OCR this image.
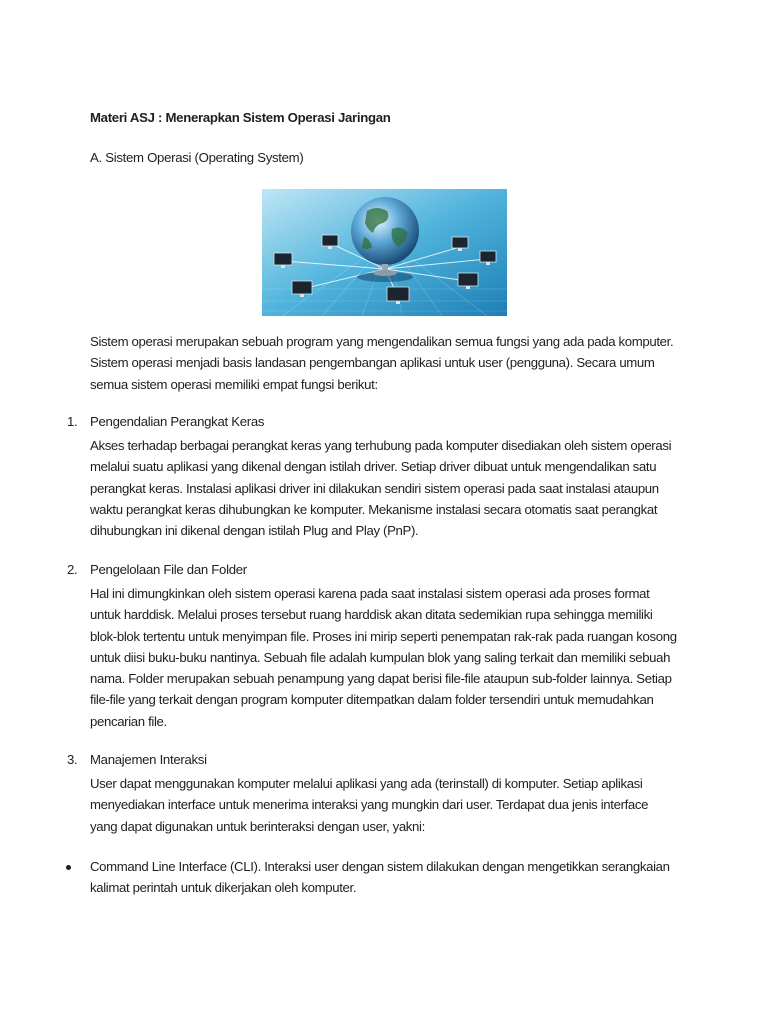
Materi ASJ : Menerapkan Sistem Operasi Jaringan
A. Sistem Operasi (Operating System)
Sistem operasi merupakan sebuah program yang mengendalikan semua fungsi yang ada pada komputer.
Sistem operasi menjadi basis landasan pengembangan aplikasi untuk user (pengguna). Secara umum
semua sistem operasi memiliki empat fungsi berikut:
1. Pengendalian Perangkat Keras
Akses terhadap berbagai perangkat keras yang terhubung pada komputer disediakan oleh sistem operasi
melalui suatu aplikasi yang dikenal dengan istilah driver. Setiap driver dibuat untuk mengendalikan satu
perangkat keras. Instalasi aplikasi driver ini dilakukan sendiri sistem operasi pada saat instalasi ataupun
waktu perangkat keras dihubungkan ke komputer. Mekanisme instalasi secara otomatis saat perangkat
dihubungkan ini dikenal dengan istilah Plug and Play (PnP).
2. Pengelolaan File dan Folder
Hal ini dimungkinkan oleh sistem operasi karena pada saat instalasi sistem operasi ada proses format
untuk harddisk. Melalui proses tersebut ruang harddisk akan ditata sedemikian rupa sehingga memiliki
blok-blok tertentu untuk menyimpan file. Proses ini mirip seperti penempatan rak-rak pada ruangan kosong
untuk diisi buku-buku nantinya. Sebuah file adalah kumpulan blok yang saling terkait dan memiliki sebuah
nama. Folder merupakan sebuah penampung yang dapat berisi file-file ataupun sub-folder lainnya. Setiap
file-file yang terkait dengan program komputer ditempatkan dalam folder tersendiri untuk memudahkan
pencarian file.
3. Manajemen Interaksi
User dapat menggunakan komputer melalui aplikasi yang ada (terinstall) di komputer. Setiap aplikasi
menyediakan interface untuk menerima interaksi yang mungkin dari user. Terdapat dua jenis interface
yang dapat digunakan untuk berinteraksi dengan user, yakni:
Command Line Interface (CLI). Interaksi user dengan sistem dilakukan dengan mengetikkan serangkaian
kalimat perintah untuk dikerjakan oleh komputer.
